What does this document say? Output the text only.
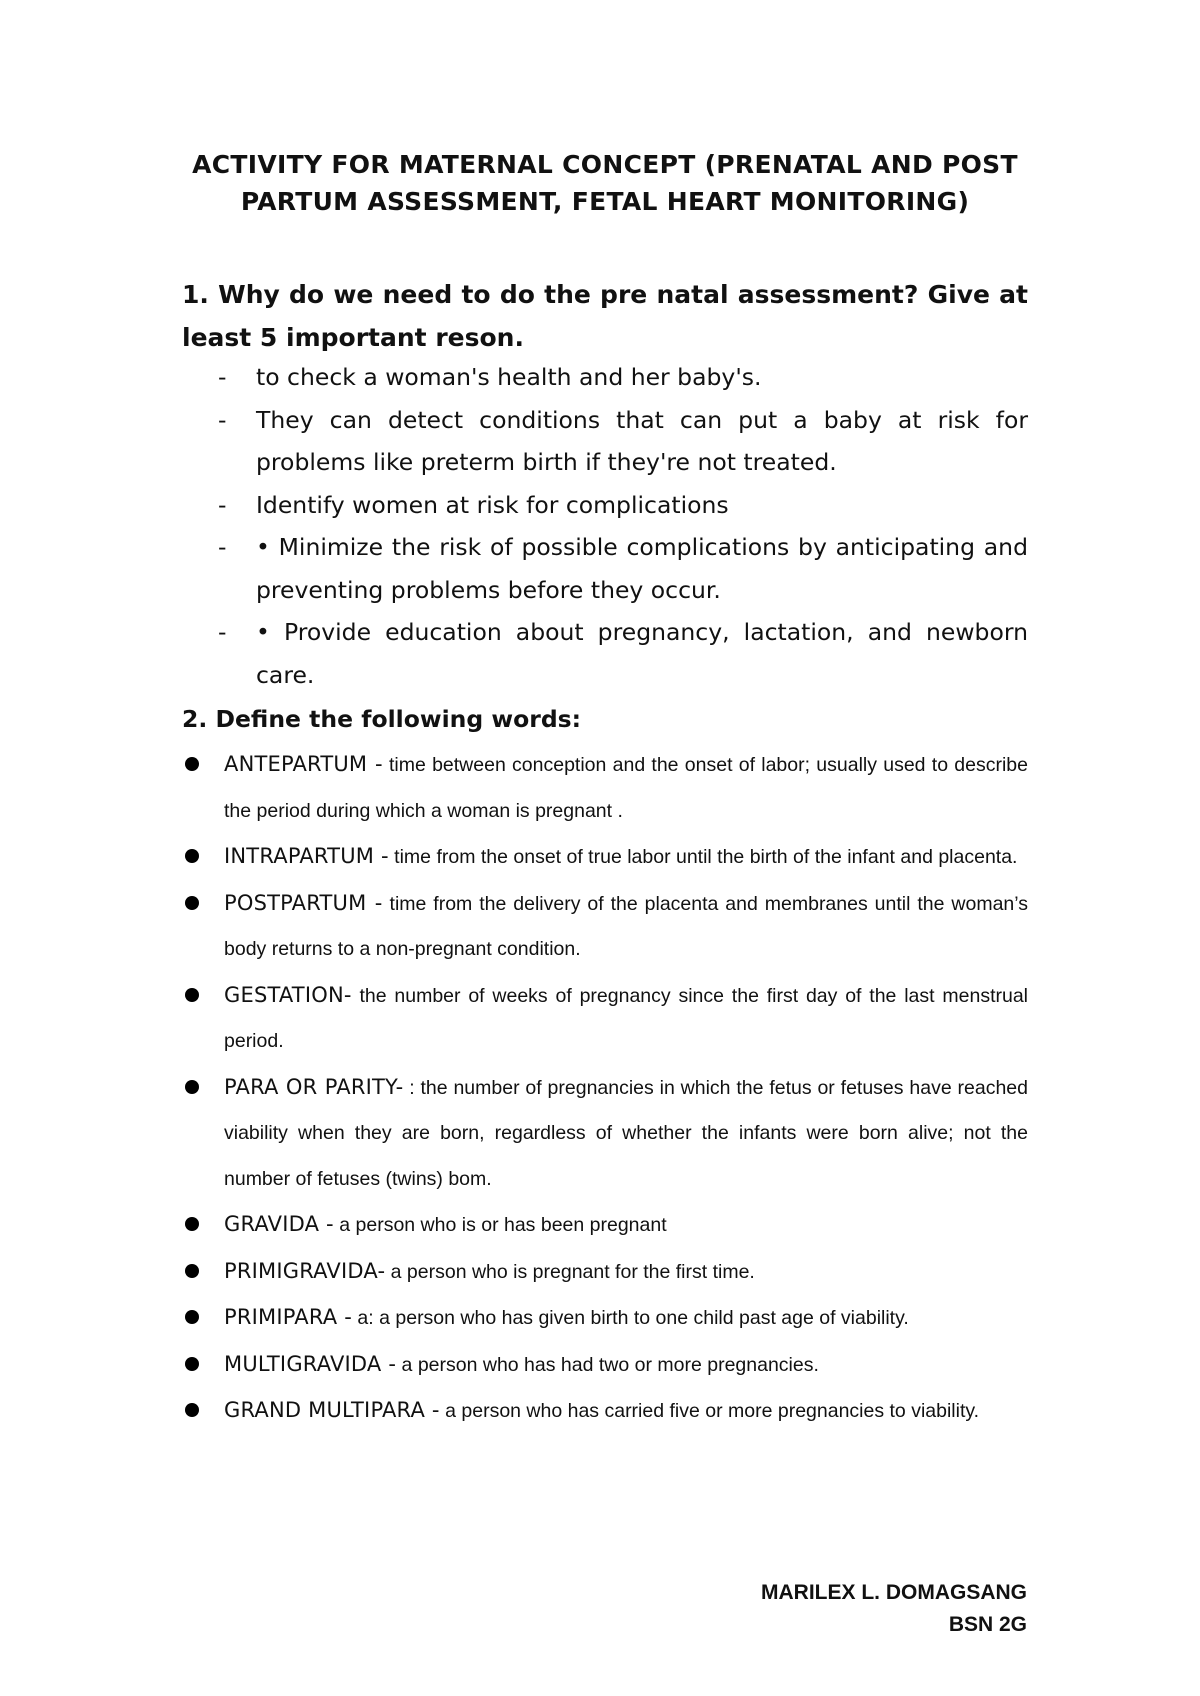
ACTIVITY FOR MATERNAL CONCEPT (PRENATAL AND POST PARTUM ASSESSMENT, FETAL HEART MONITORING)
1. Why do we need to do the pre natal assessment? Give at least 5 important reson.
- to check a woman's health and her baby's.
- They can detect conditions that can put a baby at risk for problems like preterm birth if they're not treated.
- Identify women at risk for complications
- • Minimize the risk of possible complications by anticipating and preventing problems before they occur.
- • Provide education about pregnancy, lactation, and newborn care.
2. Define the following words:
ANTEPARTUM - time between conception and the onset of labor; usually used to describe the period during which a woman is pregnant .
INTRAPARTUM - time from the onset of true labor until the birth of the infant and placenta.
POSTPARTUM - time from the delivery of the placenta and membranes until the woman’s body returns to a non-pregnant condition.
GESTATION- the number of weeks of pregnancy since the first day of the last menstrual period.
PARA OR PARITY- : the number of pregnancies in which the fetus or fetuses have reached viability when they are born, regardless of whether the infants were born alive; not the number of fetuses (twins) bom.
GRAVIDA - a person who is or has been pregnant
PRIMIGRAVIDA- a person who is pregnant for the first time.
PRIMIPARA - a: a person who has given birth to one child past age of viability.
MULTIGRAVIDA - a person who has had two or more pregnancies.
GRAND MULTIPARA - a person who has carried five or more pregnancies to viability.
MARILEX L. DOMAGSANG
BSN 2G
